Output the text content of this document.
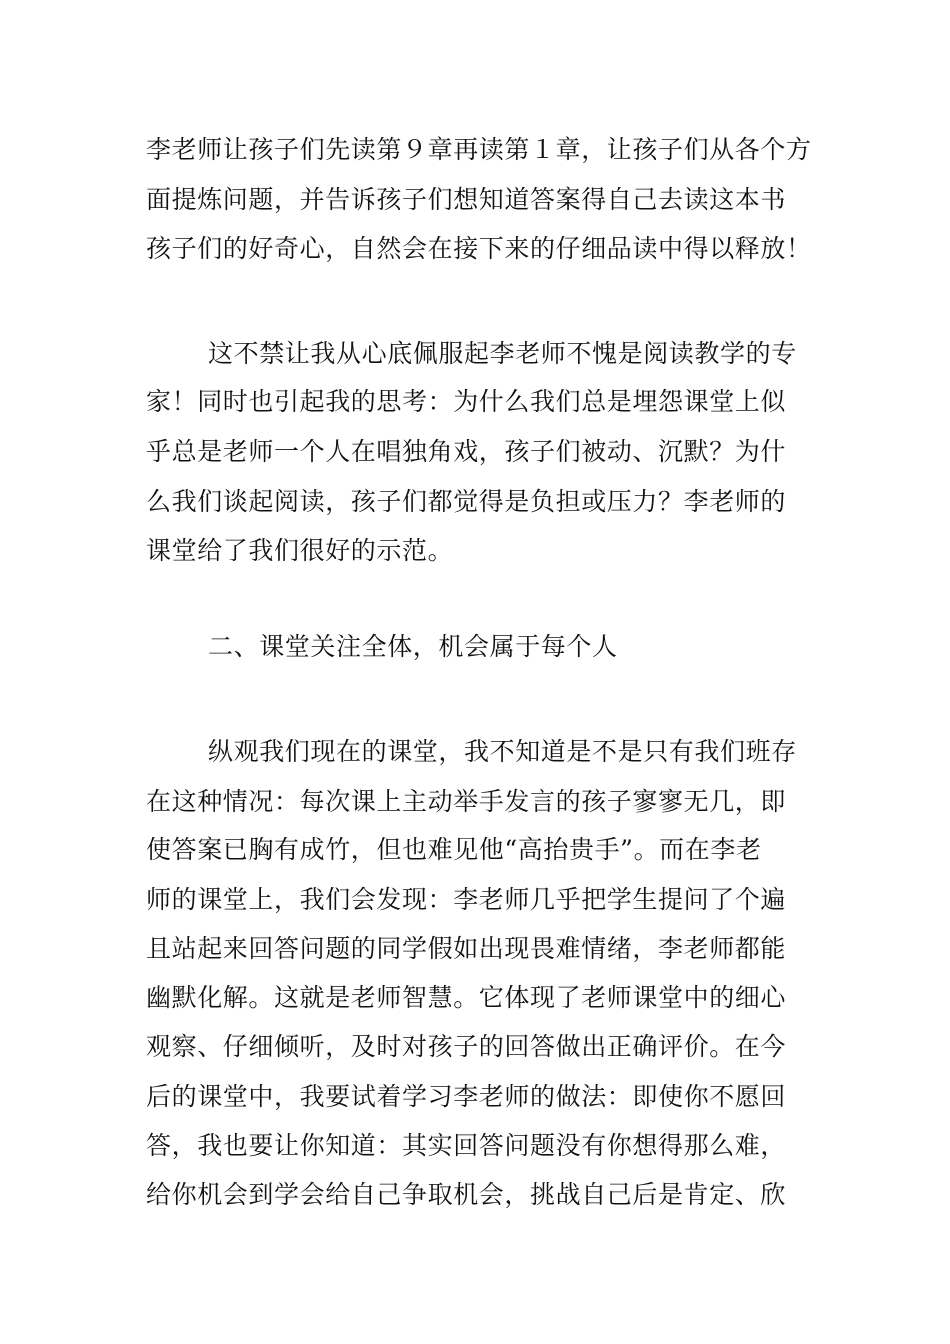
李老师让孩子们先读第９章再读第１章，让孩子们从各个方
面提炼问题，并告诉孩子们想知道答案得自己去读这本书
孩子们的好奇心，自然会在接下来的仔细品读中得以释放！
这不禁让我从心底佩服起李老师不愧是阅读教学的专
家！同时也引起我的思考：为什么我们总是埋怨课堂上似
乎总是老师一个人在唱独角戏，孩子们被动、沉默？为什
么我们谈起阅读，孩子们都觉得是负担或压力？李老师的
课堂给了我们很好的示范。
二、课堂关注全体，机会属于每个人
纵观我们现在的课堂，我不知道是不是只有我们班存
在这种情况：每次课上主动举手发言的孩子寥寥无几，即
使答案已胸有成竹，但也难见他“高抬贵手”。而在李老
师的课堂上，我们会发现：李老师几乎把学生提问了个遍
且站起来回答问题的同学假如出现畏难情绪，李老师都能
幽默化解。这就是老师智慧。它体现了老师课堂中的细心
观察、仔细倾听，及时对孩子的回答做出正确评价。在今
后的课堂中，我要试着学习李老师的做法：即使你不愿回
答，我也要让你知道：其实回答问题没有你想得那么难，
给你机会到学会给自己争取机会，挑战自己后是肯定、欣
